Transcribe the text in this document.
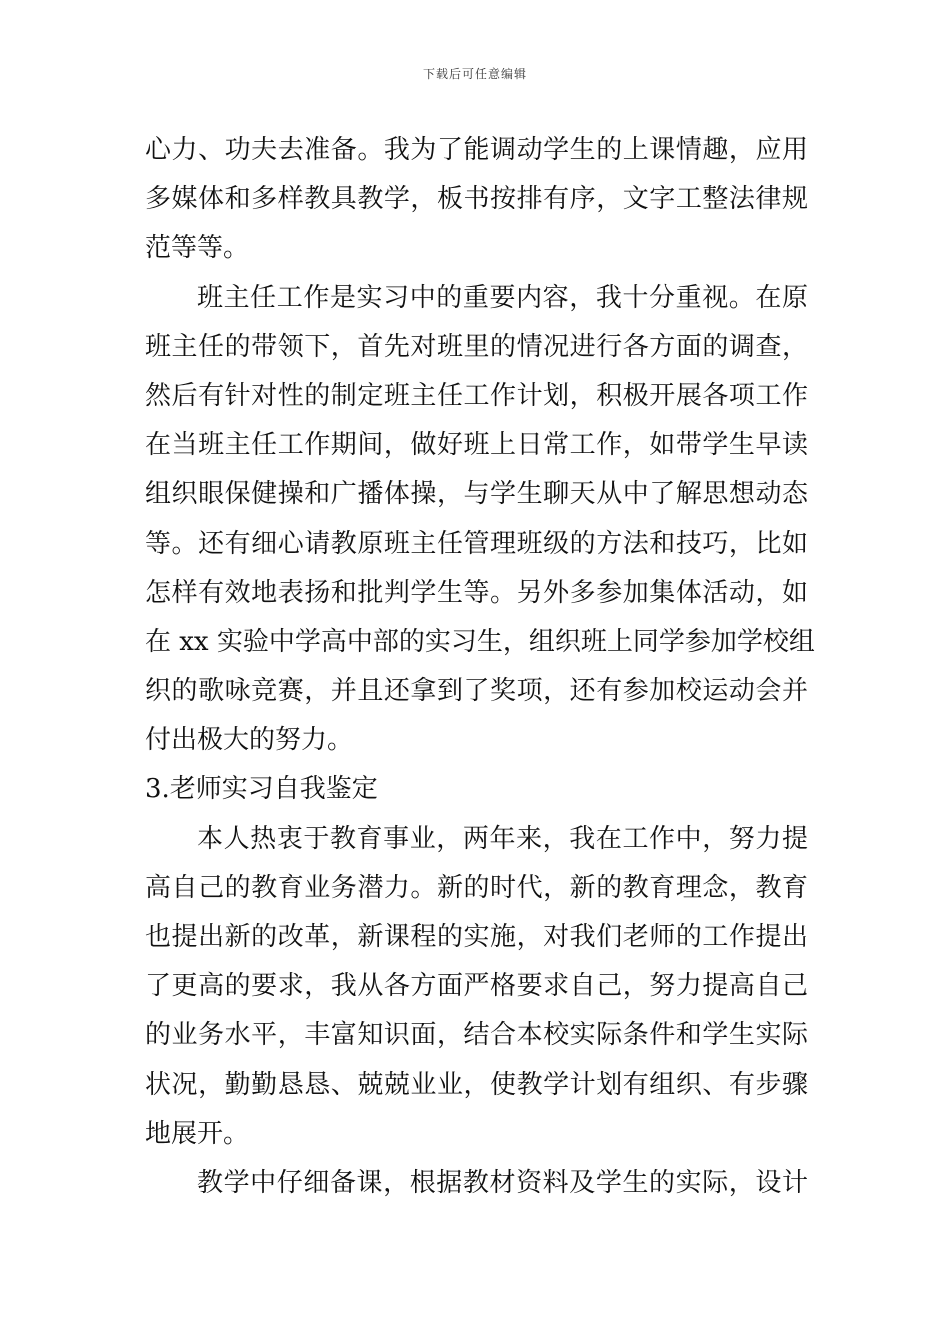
下载后可任意编辑
心力、功夫去准备。我为了能调动学生的上课情趣，应用
多媒体和多样教具教学，板书按排有序，文字工整法律规
范等等。
班主任工作是实习中的重要内容，我十分重视。在原
班主任的带领下，首先对班里的情况进行各方面的调查，
然后有针对性的制定班主任工作计划，积极开展各项工作
在当班主任工作期间，做好班上日常工作，如带学生早读
组织眼保健操和广播体操，与学生聊天从中了解思想动态
等。还有细心请教原班主任管理班级的方法和技巧，比如
怎样有效地表扬和批判学生等。另外多参加集体活动，如
在 xx 实验中学高中部的实习生，组织班上同学参加学校组
织的歌咏竞赛，并且还拿到了奖项，还有参加校运动会并
付出极大的努力。
3.老师实习自我鉴定
本人热衷于教育事业，两年来，我在工作中，努力提
高自己的教育业务潜力。新的时代，新的教育理念，教育
也提出新的改革，新课程的实施，对我们老师的工作提出
了更高的要求，我从各方面严格要求自己，努力提高自己
的业务水平，丰富知识面，结合本校实际条件和学生实际
状况，勤勤恳恳、兢兢业业，使教学计划有组织、有步骤
地展开。
教学中仔细备课，根据教材资料及学生的实际，设计
